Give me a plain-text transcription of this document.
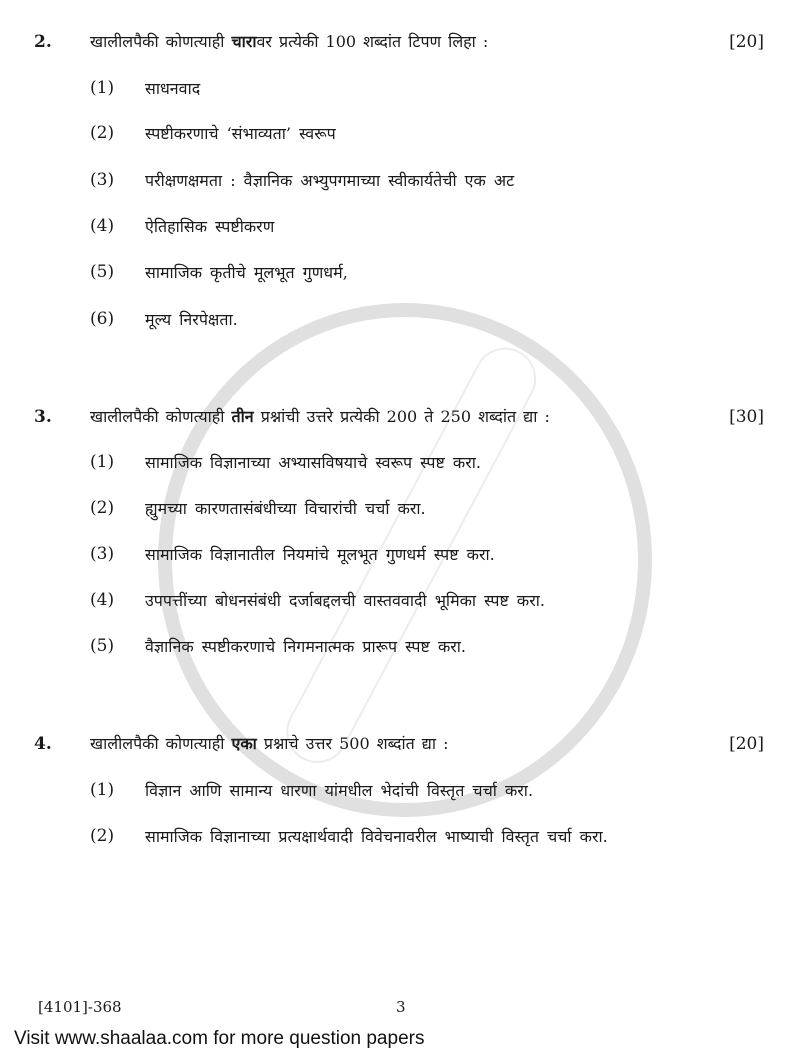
2. खालीलपैकी कोणत्याही चारावर प्रत्येकी 100 शब्दांत टिपण लिहा :	[20]
(1) साधनवाद
(2) स्पष्टीकरणाचे ‘संभाव्यता’ स्वरूप
(3) परीक्षणक्षमता : वैज्ञानिक अभ्युपगमाच्या स्वीकार्यतेची एक अट
(4) ऐतिहासिक स्पष्टीकरण
(5) सामाजिक कृतीचे मूलभूत गुणधर्म,
(6) मूल्य निरपेक्षता.
3. खालीलपैकी कोणत्याही तीन प्रश्नांची उत्तरे प्रत्येकी 200 ते 250 शब्दांत द्या :	[30]
(1) सामाजिक विज्ञानाच्या अभ्यासविषयाचे स्वरूप स्पष्ट करा.
(2) ह्युमच्या कारणतासंबंधीच्या विचारांची चर्चा करा.
(3) सामाजिक विज्ञानातील नियमांचे मूलभूत गुणधर्म स्पष्ट करा.
(4) उपपत्तींच्या बोधनसंबंधी दर्जाबद्दलची वास्तववादी भूमिका स्पष्ट करा.
(5) वैज्ञानिक स्पष्टीकरणाचे निगमनात्मक प्रारूप स्पष्ट करा.
4. खालीलपैकी कोणत्याही एका प्रश्नाचे उत्तर 500 शब्दांत द्या :	[20]
(1) विज्ञान आणि सामान्य धारणा यांमधील भेदांची विस्तृत चर्चा करा.
(2) सामाजिक विज्ञानाच्या प्रत्यक्षार्थवादी विवेचनावरील भाष्याची विस्तृत चर्चा करा.
[4101]-368	3
Visit www.shaalaa.com for more question papers
